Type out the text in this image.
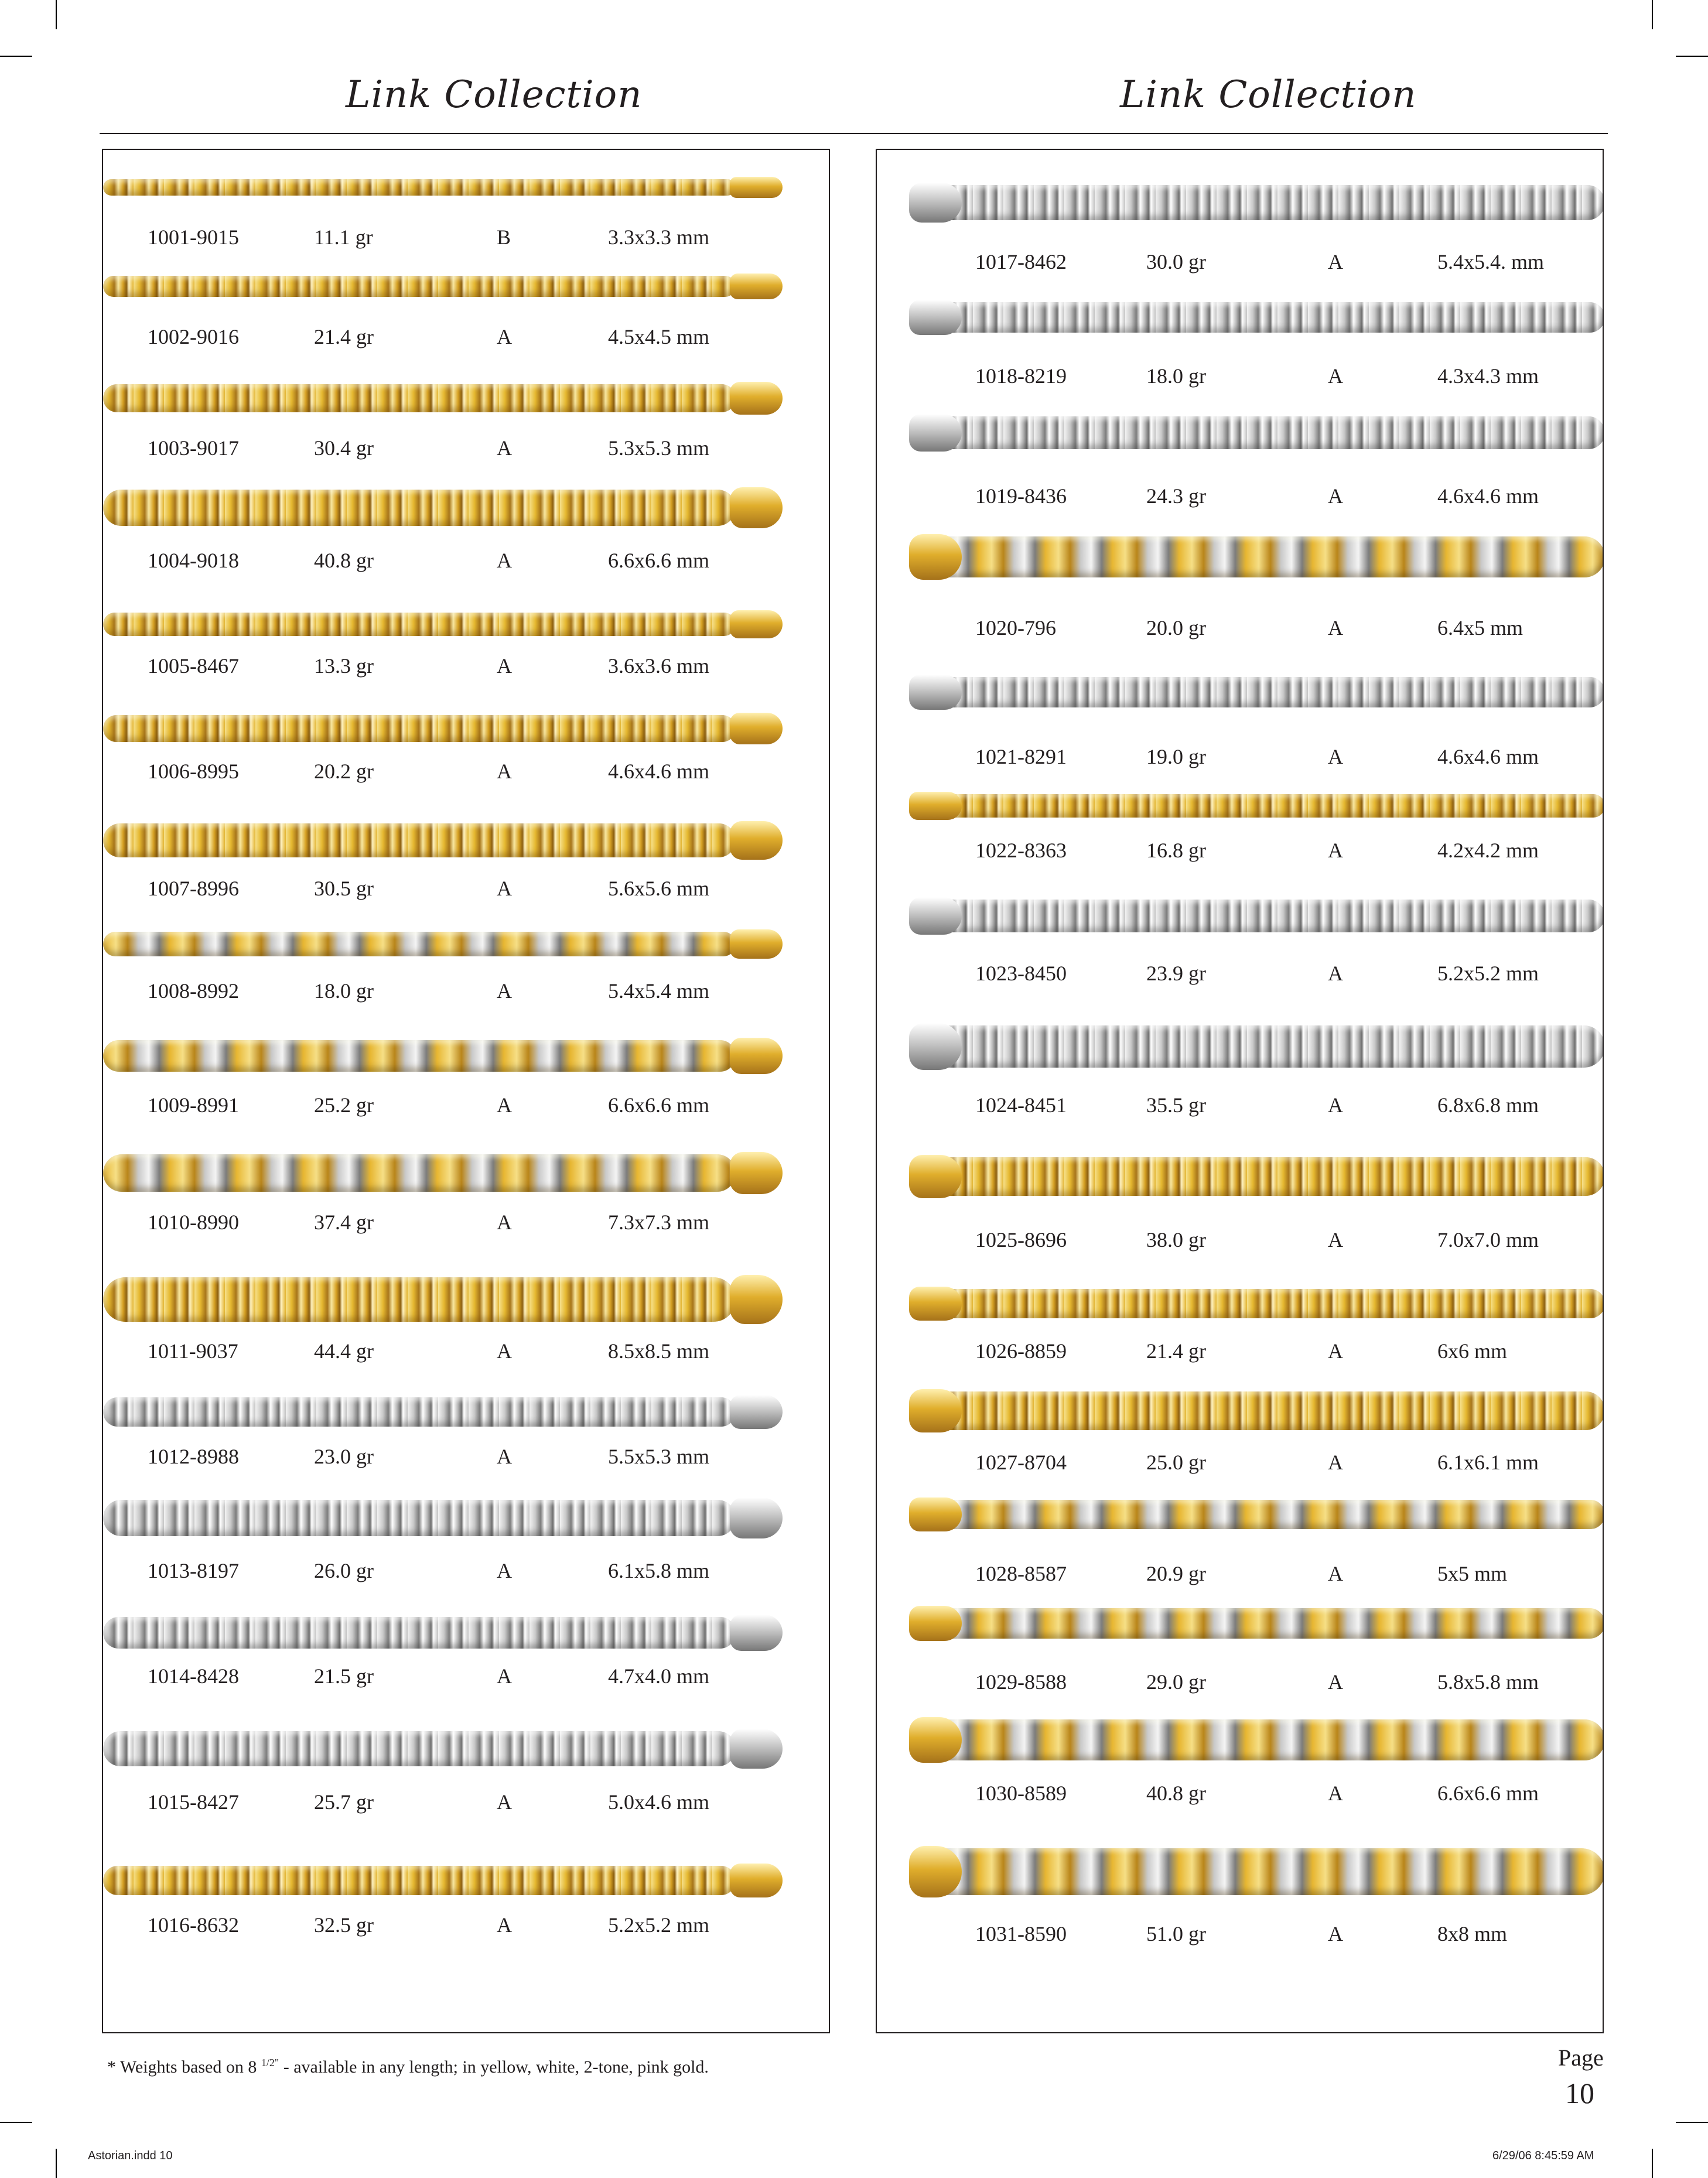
Link Collection	Link Collection
1001-9015	11.1 gr	B	3.3x3.3 mm
1002-9016	21.4 gr	A	4.5x4.5 mm
1003-9017	30.4 gr	A	5.3x5.3 mm
1004-9018	40.8 gr	A	6.6x6.6 mm
1005-8467	13.3 gr	A	3.6x3.6 mm
1006-8995	20.2 gr	A	4.6x4.6 mm
1007-8996	30.5 gr	A	5.6x5.6 mm
1008-8992	18.0 gr	A	5.4x5.4 mm
1009-8991	25.2 gr	A	6.6x6.6 mm
1010-8990	37.4 gr	A	7.3x7.3 mm
1011-9037	44.4 gr	A	8.5x8.5 mm
1012-8988	23.0 gr	A	5.5x5.3 mm
1013-8197	26.0 gr	A	6.1x5.8 mm
1014-8428	21.5 gr	A	4.7x4.0 mm
1015-8427	25.7 gr	A	5.0x4.6 mm
1016-8632	32.5 gr	A	5.2x5.2 mm
1017-8462	30.0 gr	A	5.4x5.4. mm
1018-8219	18.0 gr	A	4.3x4.3 mm
1019-8436	24.3 gr	A	4.6x4.6 mm
1020-796	20.0 gr	A	6.4x5 mm
1021-8291	19.0 gr	A	4.6x4.6 mm
1022-8363	16.8 gr	A	4.2x4.2 mm
1023-8450	23.9 gr	A	5.2x5.2 mm
1024-8451	35.5 gr	A	6.8x6.8 mm
1025-8696	38.0 gr	A	7.0x7.0 mm
1026-8859	21.4 gr	A	6x6 mm
1027-8704	25.0 gr	A	6.1x6.1 mm
1028-8587	20.9 gr	A	5x5 mm
1029-8588	29.0 gr	A	5.8x5.8 mm
1030-8589	40.8 gr	A	6.6x6.6 mm
1031-8590	51.0 gr	A	8x8 mm
* Weights based on 8 $^{1/2"}$ - available in any length; in yellow, white, 2-tone, pink gold.	Page
10
Astorian.indd 10	6/29/06 8:45:59 AM
